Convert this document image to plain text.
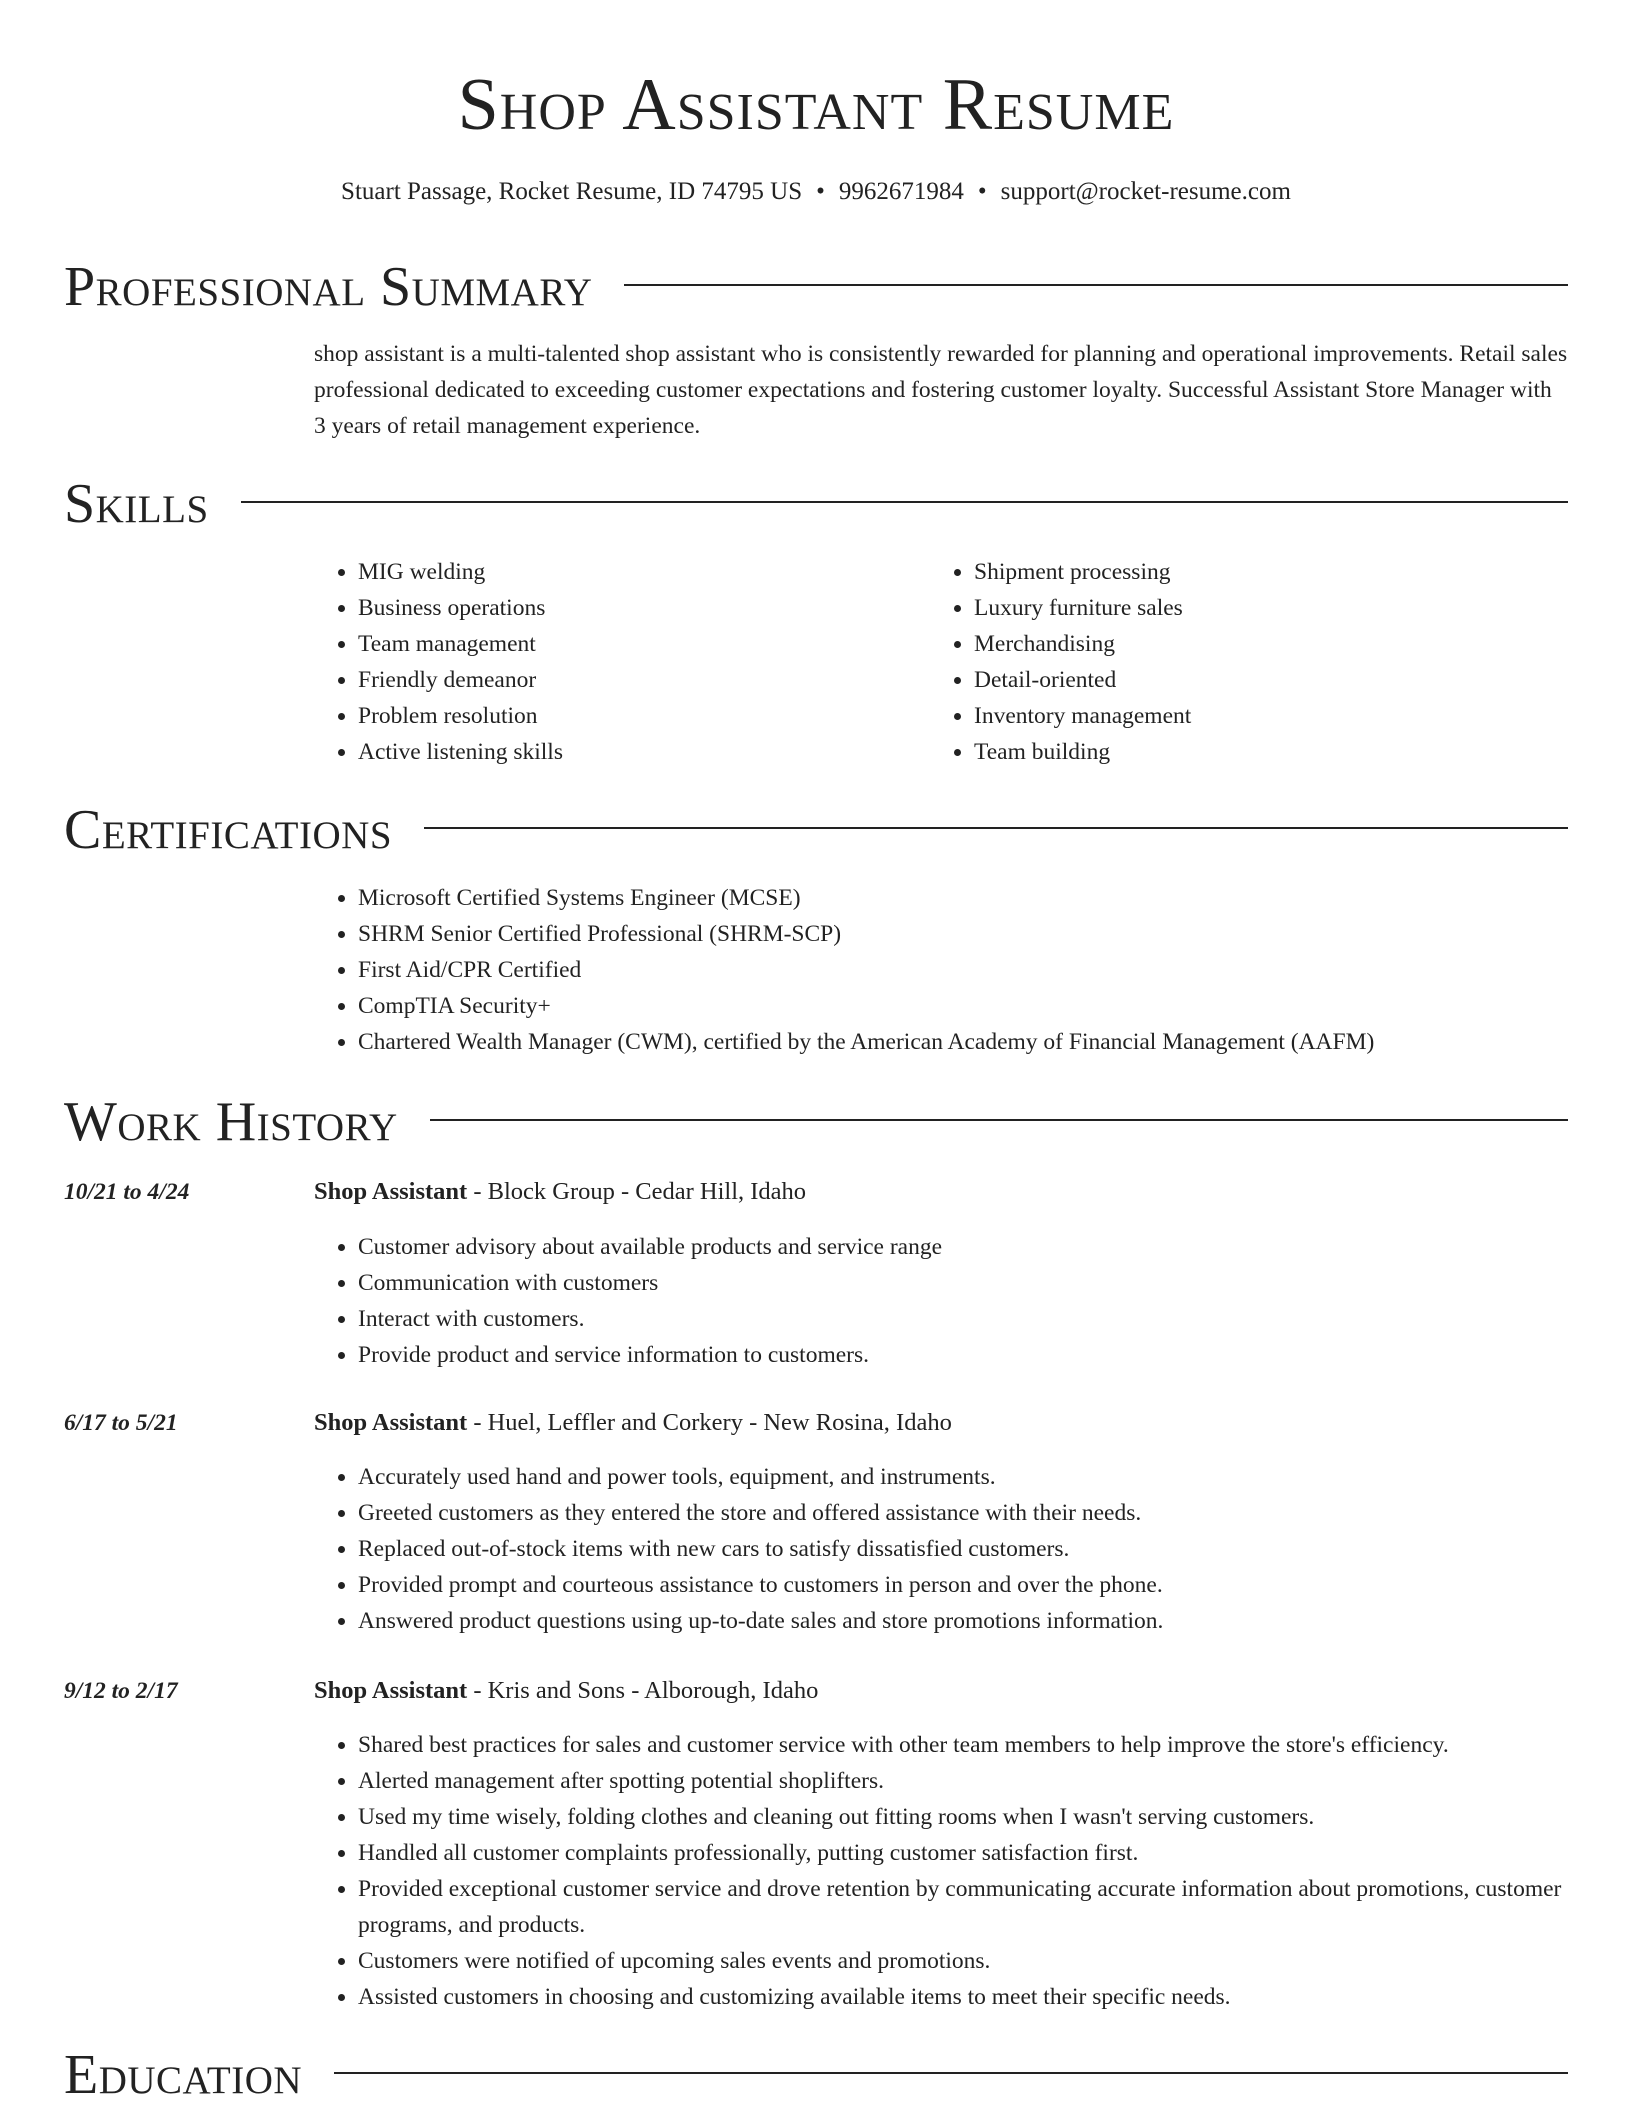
Shop Assistant Resume
Stuart Passage, Rocket Resume, ID 74795 US • 9962671984 • support@rocket-resume.com
Professional Summary
shop assistant is a multi-talented shop assistant who is consistently rewarded for planning and operational improvements. Retail sales professional dedicated to exceeding customer expectations and fostering customer loyalty. Successful Assistant Store Manager with 3 years of retail management experience.
Skills
• MIG welding
• Business operations
• Team management
• Friendly demeanor
• Problem resolution
• Active listening skills
• Shipment processing
• Luxury furniture sales
• Merchandising
• Detail-oriented
• Inventory management
• Team building
Certifications
• Microsoft Certified Systems Engineer (MCSE)
• SHRM Senior Certified Professional (SHRM-SCP)
• First Aid/CPR Certified
• CompTIA Security+
• Chartered Wealth Manager (CWM), certified by the American Academy of Financial Management (AAFM)
Work History
10/21 to 4/24	Shop Assistant - Block Group - Cedar Hill, Idaho
• Customer advisory about available products and service range
• Communication with customers
• Interact with customers.
• Provide product and service information to customers.
6/17 to 5/21	Shop Assistant - Huel, Leffler and Corkery - New Rosina, Idaho
• Accurately used hand and power tools, equipment, and instruments.
• Greeted customers as they entered the store and offered assistance with their needs.
• Replaced out-of-stock items with new cars to satisfy dissatisfied customers.
• Provided prompt and courteous assistance to customers in person and over the phone.
• Answered product questions using up-to-date sales and store promotions information.
9/12 to 2/17	Shop Assistant - Kris and Sons - Alborough, Idaho
• Shared best practices for sales and customer service with other team members to help improve the store's efficiency.
• Alerted management after spotting potential shoplifters.
• Used my time wisely, folding clothes and cleaning out fitting rooms when I wasn't serving customers.
• Handled all customer complaints professionally, putting customer satisfaction first.
• Provided exceptional customer service and drove retention by communicating accurate information about promotions, customer programs, and products.
• Customers were notified of upcoming sales events and promotions.
• Assisted customers in choosing and customizing available items to meet their specific needs.
Education
